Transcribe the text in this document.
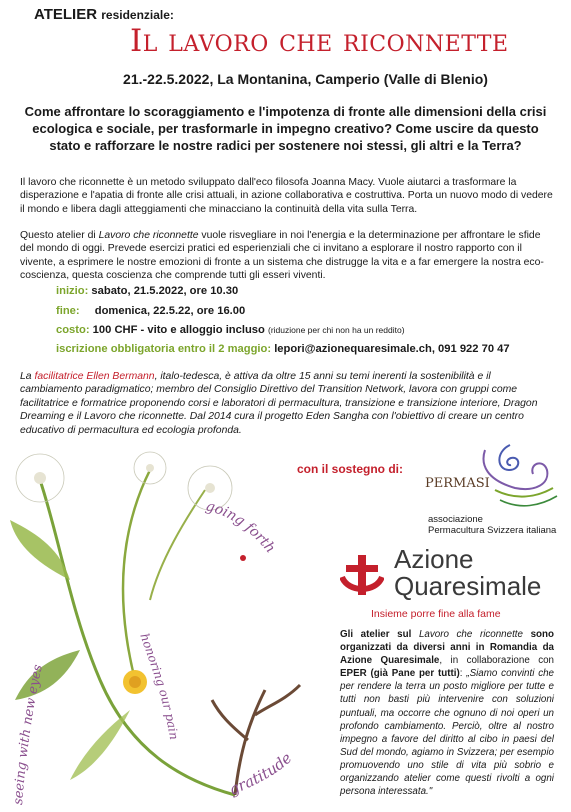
ATELIER residenziale:
Il lavoro che riconnette
21.-22.5.2022, La Montanina, Camperio (Valle di Blenio)
Come affrontare lo scoraggiamento e l'impotenza di fronte alle dimensioni della crisi ecologica e sociale, per trasformarle in impegno creativo? Come uscire da questo stato e rafforzare le nostre radici per sostenere noi stessi, gli altri e la Terra?
Il lavoro che riconnette è un metodo sviluppato dall'eco filosofa Joanna Macy. Vuole aiutarci a trasformare la disperazione e l'apatia di fronte alle crisi attuali, in azione collaborativa e costruttiva. Porta un nuovo modo di vedere il mondo e libera dagli atteggiamenti che minacciano la continuità della vita sulla Terra.
Questo atelier di Lavoro che riconnette vuole risvegliare in noi l'energia e la determinazione per affrontare le sfide del mondo di oggi. Prevede esercizi pratici ed esperienziali che ci invitano a esplorare il nostro rapporto con il vivente, a esprimere le nostre emozioni di fronte a un sistema che distrugge la vita e a far emergere la nostra eco-coscienza, questa coscienza che comprende tutti gli esseri viventi.
inizio: sabato, 21.5.2022, ore 10.30
fine: domenica, 22.5.22, ore 16.00
costo: 100 CHF - vito e alloggio incluso (riduzione per chi non ha un reddito)
iscrizione obbligatoria entro il 2 maggio: lepori@azionequaresimale.ch, 091 922 70 47
La facilitatrice Ellen Bermann, italo-tedesca, è attiva da oltre 15 anni su temi inerenti la sostenibilità e il cambiamento paradigmatico; membro del Consiglio Direttivo del Transition Network, lavora con gruppi come facilitatrice e formatrice proponendo corsi e laboratori di permacultura, transizione e transizione interiore, Dragon Dreaming e il Lavoro che riconnette. Dal 2014 cura il progetto Eden Sangha con l'obiettivo di creare un centro educativo di permacultura ed ecologia profonda.
seeing with new eyes
going forth
honoring our pain
gratitude
con il sostegno di:
PERMASI
associazione
Permacultura Svizzera italiana
Azione
Quaresimale
Insieme porre fine alla fame
Gli atelier sul Lavoro che riconnette sono organizzati da diversi anni in Romandia da Azione Quaresimale, in collaborazione con EPER (già Pane per tutti): „Siamo convinti che per rendere la terra un posto migliore per tutte e tutti non basti più intervenire con soluzioni puntuali, ma occorre che ognuno di noi operi un profondo cambiamento. Perciò, oltre al nostro impegno a favore del diritto al cibo in paesi del Sud del mondo, agiamo in Svizzera; per esempio promuovendo uno stile di vita più sobrio e organizzando atelier come questi rivolti a ogni persona interessata."
